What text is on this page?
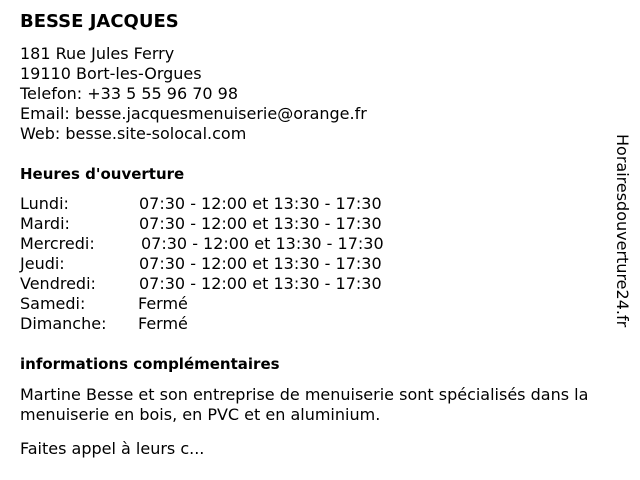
BESSE JACQUES
181 Rue Jules Ferry
19110 Bort-les-Orgues
Telefon: +33 5 55 96 70 98
Email: besse.jacquesmenuiserie@orange.fr
Web: besse.site-solocal.com
Heures d'ouverture
Lundi:	07:30 - 12:00 et 13:30 - 17:30
Mardi:	07:30 - 12:00 et 13:30 - 17:30
Mercredi:	07:30 - 12:00 et 13:30 - 17:30
Jeudi:	07:30 - 12:00 et 13:30 - 17:30
Vendredi:	07:30 - 12:00 et 13:30 - 17:30
Samedi:	Fermé
Dimanche: Fermé
informations complémentaires

Martine Besse et son entreprise de menuiserie sont spécialisés dans la menuiserie en bois, en PVC et en aluminium.

Faites appel à leurs c...

Horairesdouverture24.fr
